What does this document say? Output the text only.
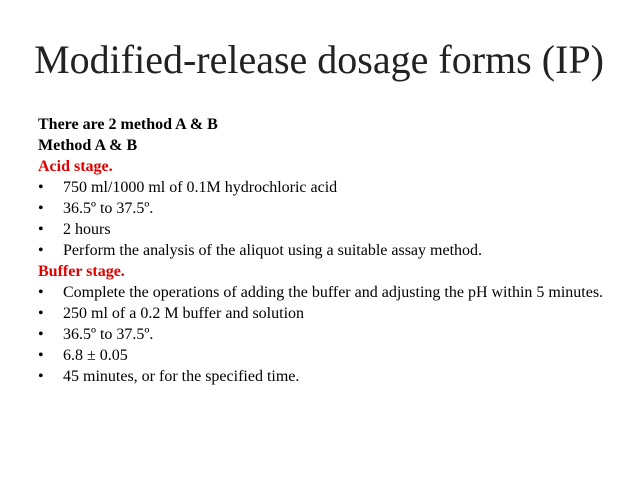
Modified-release dosage forms (IP)

There are 2 method A & B

Method A & B

Acid stage.

• 750 ml/1000 ml of 0.1M hydrochloric acid

• 36.5º to 37.5º.

• 2 hours

• Perform the analysis of the aliquot using a suitable assay method.

Buffer stage.

• Complete the operations of adding the buffer and adjusting the pH within 5 minutes.

• 250 ml of a 0.2 M buffer and solution

• 36.5º to 37.5º.

• 6.8 ± 0.05

• 45 minutes, or for the specified time.
